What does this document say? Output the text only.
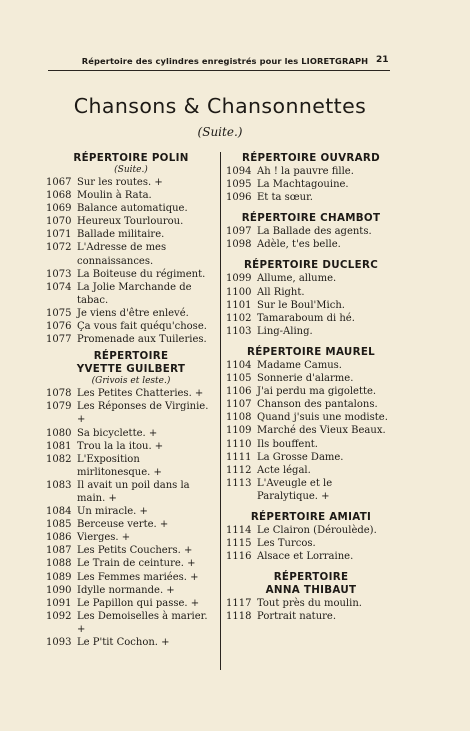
Répertoire des cylindres enregistrés pour les LIORETGRAPH 21
Chansons & Chansonnettes
(Suite.)
RÉPERTOIRE POLIN
(Suite.)
1067 Sur les routes. +
1068 Moulin à Rata.
1069 Balance automatique.
1070 Heureux Tourlourou.
1071 Ballade militaire.
1072 L'Adresse de mes connaissances.
1073 La Boiteuse du régiment.
1074 La Jolie Marchande de tabac.
1075 Je viens d'être enlevé.
1076 Ça vous fait quéqu'chose.
1077 Promenade aux Tuileries.
RÉPERTOIRE
YVETTE GUILBERT
(Grivois et leste.)
1078 Les Petites Chatteries. +
1079 Les Réponses de Virginie. +
1080 Sa bicyclette. +
1081 Trou la la itou. +
1082 L'Exposition mirlitonesque. +
1083 Il avait un poil dans la main. +
1084 Un miracle. +
1085 Berceuse verte. +
1086 Vierges. +
1087 Les Petits Couchers. +
1088 Le Train de ceinture. +
1089 Les Femmes mariées. +
1090 Idylle normande. +
1091 Le Papillon qui passe. +
1092 Les Demoiselles à marier. +
1093 Le P'tit Cochon. +
RÉPERTOIRE OUVRARD
1094 Ah ! la pauvre fille.
1095 La Machtagouine.
1096 Et ta sœur.
RÉPERTOIRE CHAMBOT
1097 La Ballade des agents.
1098 Adèle, t'es belle.
RÉPERTOIRE DUCLERC
1099 Allume, allume.
1100 All Right.
1101 Sur le Boul'Mich.
1102 Tamaraboum di hé.
1103 Ling-Aling.
RÉPERTOIRE MAUREL
1104 Madame Camus.
1105 Sonnerie d'alarme.
1106 J'ai perdu ma gigolette.
1107 Chanson des pantalons.
1108 Quand j'suis une modiste.
1109 Marché des Vieux Beaux.
1110 Ils bouffent.
1111 La Grosse Dame.
1112 Acte légal.
1113 L'Aveugle et le Paralytique. +
RÉPERTOIRE AMIATI
1114 Le Clairon (Déroulède).
1115 Les Turcos.
1116 Alsace et Lorraine.
RÉPERTOIRE
ANNA THIBAUT
1117 Tout près du moulin.
1118 Portrait nature.
